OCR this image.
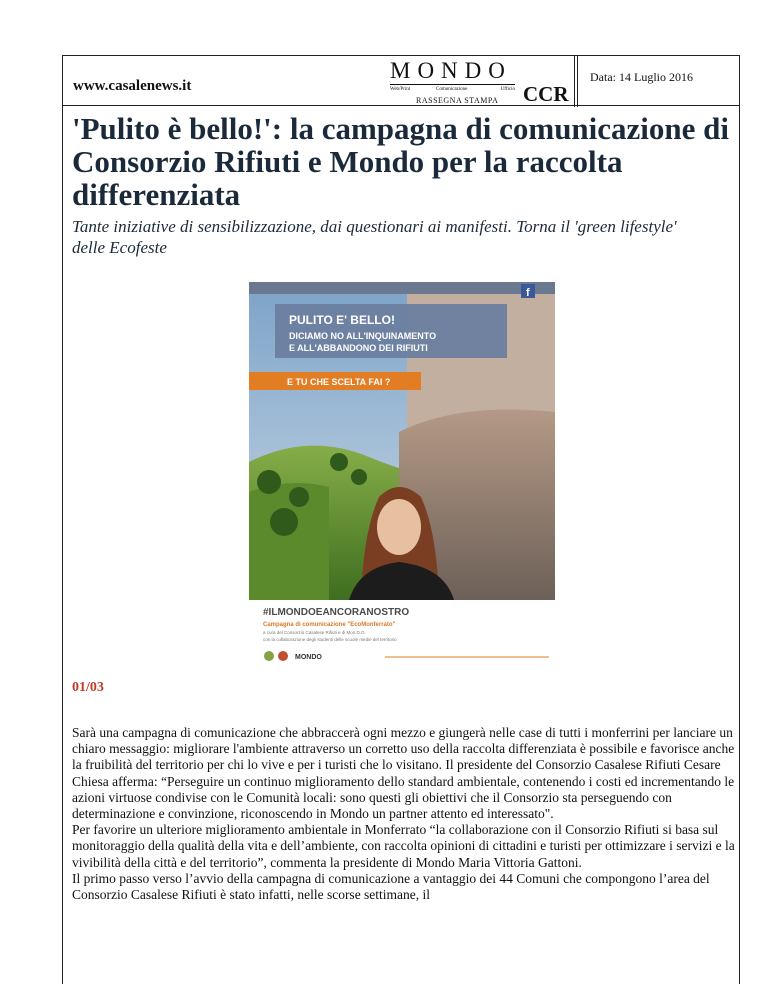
www.casalenews.it
MONDO
Web/Print	Comunicazione	Ufficio
RASSEGNA STAMPA CCR
Data: 14 Luglio 2016
'Pulito è bello!': la campagna di comunicazione di Consorzio Rifiuti e Mondo per la raccolta differenziata
Tante iniziative di sensibilizzazione, dai questionari ai manifesti. Torna il 'green lifestyle' delle Ecofeste
f
PULITO E' BELLO!
DICIAMO NO ALL'INQUINAMENTO
E ALL'ABBANDONO DEI RIFIUTI
E TU CHE SCELTA FAI ?
#ILMONDOEANCORANOSTRO
Campagna di comunicazione "EcoMonferrato"
a cura del Consorzio Casalese Rifiuti e di Mon.D.O.
con la collaborazione degli studenti delle scuole medie del territorio
MONDO
01/03

Sarà una campagna di comunicazione che abbraccerà ogni mezzo e giungerà nelle case di tutti i monferrini per lanciare un chiaro messaggio: migliorare l'ambiente attraverso un corretto uso della raccolta differenziata è possibile e favorisce anche la fruibilità del territorio per chi lo vive e per i turisti che lo visitano. Il presidente del Consorzio Casalese Rifiuti Cesare Chiesa afferma: “Perseguire un continuo miglioramento dello standard ambientale, contenendo i costi ed incrementando le azioni virtuose condivise con le Comunità locali: sono questi gli obiettivi che il Consorzio sta perseguendo con determinazione e convinzione, riconoscendo in Mondo un partner attento ed interessato".

Per favorire un ulteriore miglioramento ambientale in Monferrato “la collaborazione con il Consorzio Rifiuti si basa sul monitoraggio della qualità della vita e dell’ambiente, con raccolta opinioni di cittadini e turisti per ottimizzare i servizi e la vivibilità della città e del territorio”, commenta la presidente di Mondo Maria Vittoria Gattoni.

Il primo passo verso l’avvio della campagna di comunicazione a vantaggio dei 44 Comuni che compongono l’area del Consorzio Casalese Rifiuti è stato infatti, nelle scorse settimane, il
